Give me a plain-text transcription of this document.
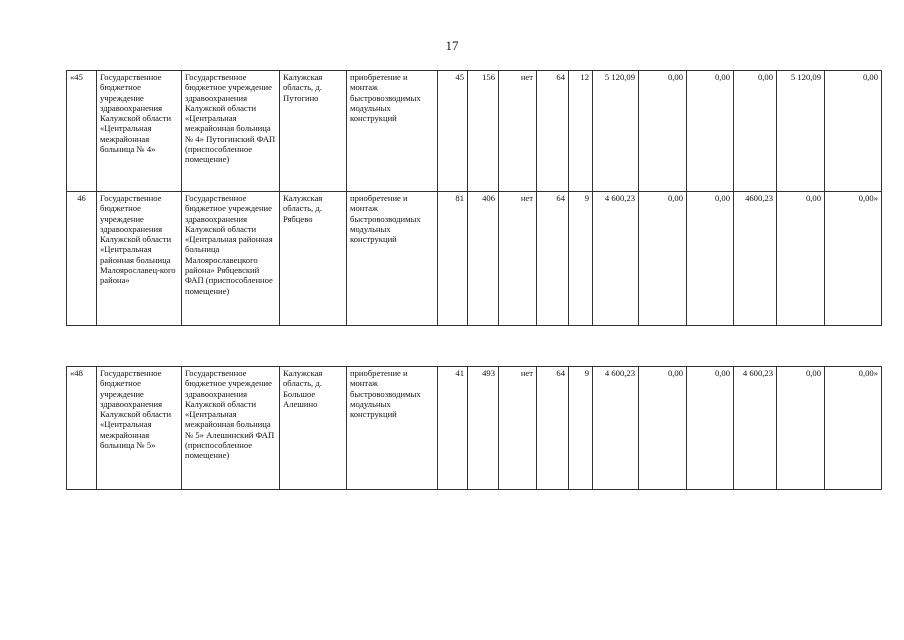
17
«45	Государственное бюджетное учреждение здравоохранения Калужской области «Центральная межрайонная больница № 4»	Государственное бюджетное учреждение здравоохранения Калужской области «Центральная межрайонная больница № 4» Путогинский ФАП (приспособленное помещение)	Калужская область, д. Путогино	приобретение и монтаж быстровозводимых модульных конструкций	45	156	нет	64	12	5 120,09	0,00	0,00	0,00	5 120,09	0,00
46	Государственное бюджетное учреждение здравоохранения Калужской области «Центральная районная больница Малоярославец-кого района»	Государственное бюджетное учреждение здравоохранения Калужской области «Центральная районная больница Малоярославецкого района» Рябцевский ФАП (приспособленное помещение)	Калужская область, д. Рябцево	приобретение и монтаж быстровозводимых модульных конструкций	81	406	нет	64	9	4 600,23	0,00	0,00	4600,23	0,00	0,00»
«48	Государственное бюджетное учреждение здравоохранения Калужской области «Центральная межрайонная больница № 5»	Государственное бюджетное учреждение здравоохранения Калужской области «Центральная межрайонная больница № 5» Алешинский ФАП (приспособленное помещение)	Калужская область, д. Большое Алешино	приобретение и монтаж быстровозводимых модульных конструкций	41	493	нет	64	9	4 600,23	0,00	0,00	4 600,23	0,00	0,00»
